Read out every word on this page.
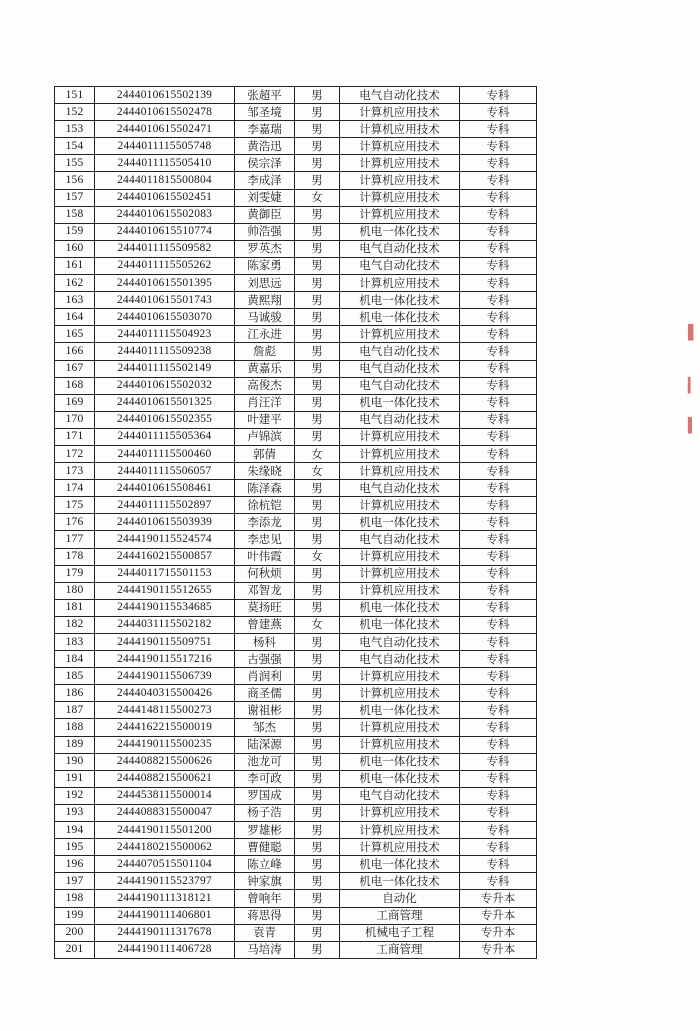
151	2444010615502139	张超平	男	电气自动化技术	专科
152	2444010615502478	邹圣境	男	计算机应用技术	专科
153	2444010615502471	李嘉瑞	男	计算机应用技术	专科
154	2444011115505748	黄浩迅	男	计算机应用技术	专科
155	2444011115505410	侯宗泽	男	计算机应用技术	专科
156	2444011815500804	李成泽	男	计算机应用技术	专科
157	2444010615502451	刘雯婕	女	计算机应用技术	专科
158	2444010615502083	黄御臣	男	计算机应用技术	专科
159	2444010615510774	帅浩强	男	机电一体化技术	专科
160	2444011115509582	罗英杰	男	电气自动化技术	专科
161	2444011115505262	陈家勇	男	电气自动化技术	专科
162	2444010615501395	刘思远	男	计算机应用技术	专科
163	2444010615501743	黄熙翔	男	机电一体化技术	专科
164	2444010615503070	马诚骏	男	机电一体化技术	专科
165	2444011115504923	江永进	男	计算机应用技术	专科
166	2444011115509238	詹彪	男	电气自动化技术	专科
167	2444011115502149	黄嘉乐	男	电气自动化技术	专科
168	2444010615502032	高俊杰	男	电气自动化技术	专科
169	2444010615501325	肖汪洋	男	机电一体化技术	专科
170	2444010615502355	叶建平	男	电气自动化技术	专科
171	2444011115505364	卢锦滨	男	计算机应用技术	专科
172	2444011115500460	郭倩	女	计算机应用技术	专科
173	2444011115506057	朱缘晓	女	计算机应用技术	专科
174	2444010615508461	陈泽森	男	电气自动化技术	专科
175	2444011115502897	徐杭铠	男	计算机应用技术	专科
176	2444010615503939	李添龙	男	机电一体化技术	专科
177	2444190115524574	李忠见	男	电气自动化技术	专科
178	2444160215500857	叶伟霞	女	计算机应用技术	专科
179	2444011715501153	何秋烦	男	计算机应用技术	专科
180	2444190115512655	邓智龙	男	计算机应用技术	专科
181	2444190115534685	莫扬旺	男	机电一体化技术	专科
182	2444031115502182	曾建燕	女	机电一体化技术	专科
183	2444190115509751	杨科	男	电气自动化技术	专科
184	2444190115517216	古强强	男	电气自动化技术	专科
185	2444190115506739	肖润利	男	计算机应用技术	专科
186	2444040315500426	商圣儒	男	计算机应用技术	专科
187	2444148115500273	谢祖彬	男	机电一体化技术	专科
188	2444162215500019	邹杰	男	计算机应用技术	专科
189	2444190115500235	陆深源	男	计算机应用技术	专科
190	2444088215500626	池龙可	男	机电一体化技术	专科
191	2444088215500621	李可政	男	机电一体化技术	专科
192	2444538115500014	罗国成	男	电气自动化技术	专科
193	2444088315500047	杨子浩	男	计算机应用技术	专科
194	2444190115501200	罗雄彬	男	计算机应用技术	专科
195	2444180215500062	曹健聪	男	计算机应用技术	专科
196	2444070515501104	陈立峰	男	机电一体化技术	专科
197	2444190115523797	钟家旗	男	机电一体化技术	专科
198	2444190111318121	曾响年	男	自动化	专升本
199	2444190111406801	蒋思得	男	工商管理	专升本
200	2444190111317678	袁青	男	机械电子工程	专升本
201	2444190111406728	马培涛	男	工商管理	专升本
▌
▎
▍
